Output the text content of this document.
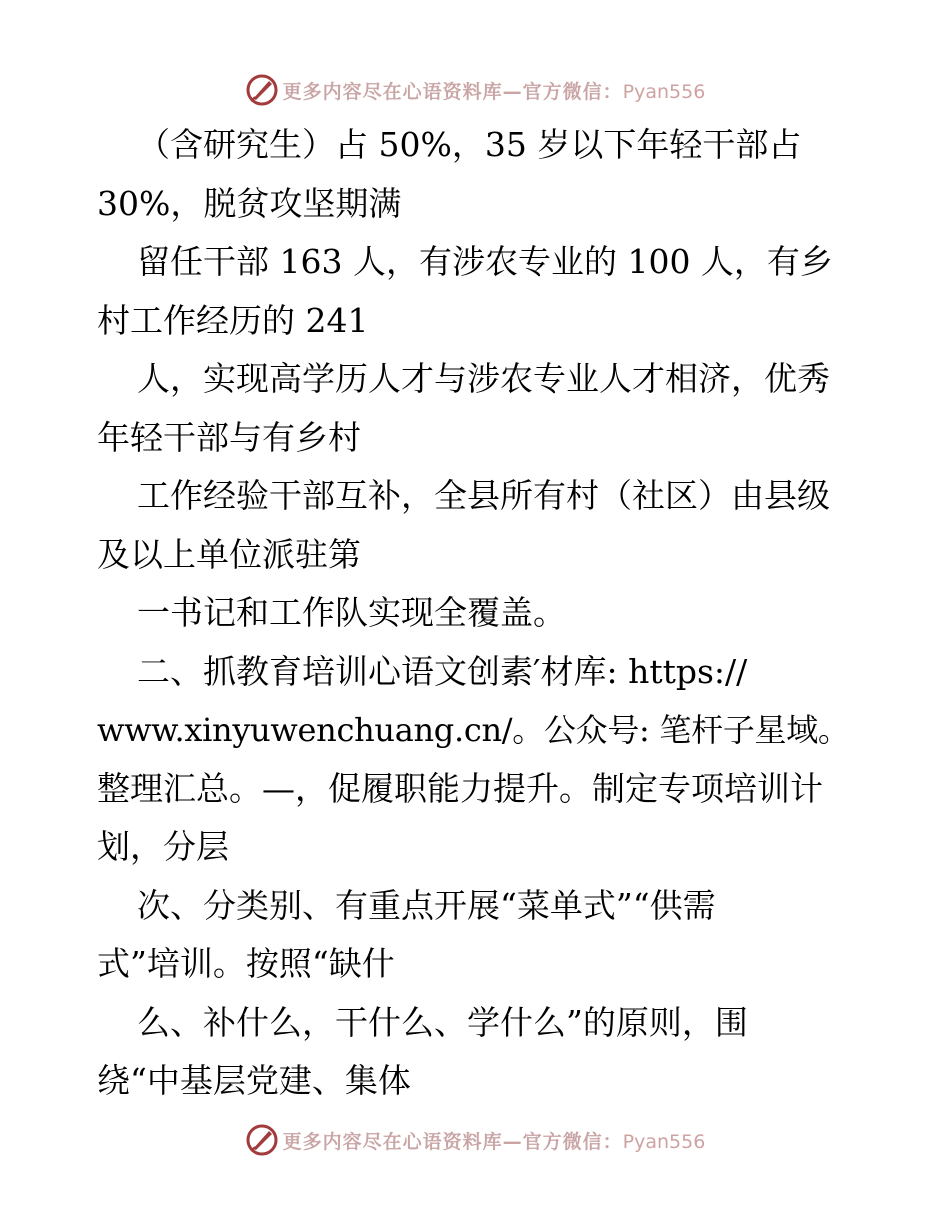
更多内容尽在心语资料库—官方微信：Pyan556
（含研究生）占 50%，35 岁以下年轻干部占
30%，脱贫攻坚期满
留任干部 163 人，有涉农专业的 100 人，有乡
村工作经历的 241
人，实现高学历人才与涉农专业人才相济，优秀
年轻干部与有乡村
工作经验干部互补，全县所有村（社区）由县级
及以上单位派驻第
一书记和工作队实现全覆盖。
二、抓教育培训心语文创素′材库: https://
www.xinyuwenchuang.cn/。公众号: 笔杆子星域。
整理汇总。—，促履职能力提升。制定专项培训计
划，分层
次、分类别、有重点开展“菜单式”“供需
式”培训。按照“缺什
么、补什么，干什么、学什么”的原则，围
绕“中基层党建、集体
更多内容尽在心语资料库—官方微信：Pyan556
